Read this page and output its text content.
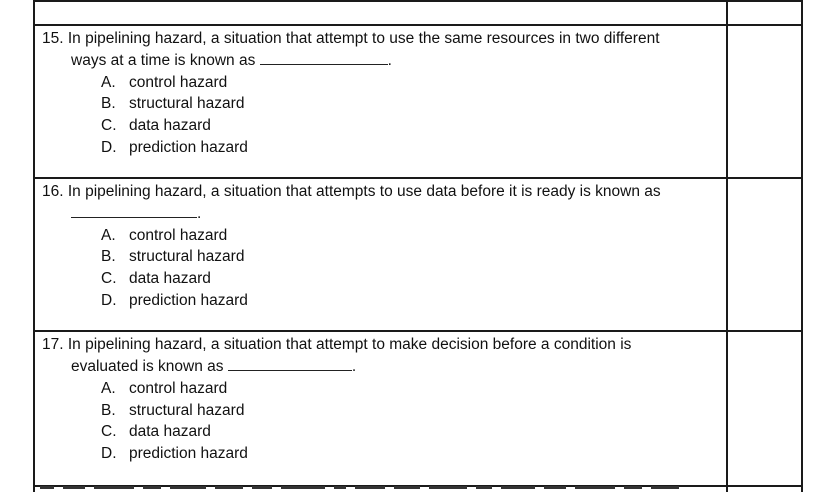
15. In pipelining hazard, a situation that attempt to use the same resources in two different
ways at a time is known as	.
A. control hazard
B. structural hazard
C. data hazard
D. prediction hazard
16. In pipelining hazard, a situation that attempts to use data before it is ready is known as
.
A. control hazard
B. structural hazard
C. data hazard
D. prediction hazard
17. In pipelining hazard, a situation that attempt to make decision before a condition is
evaluated is known as	.
A. control hazard
B. structural hazard
C. data hazard
D. prediction hazard
